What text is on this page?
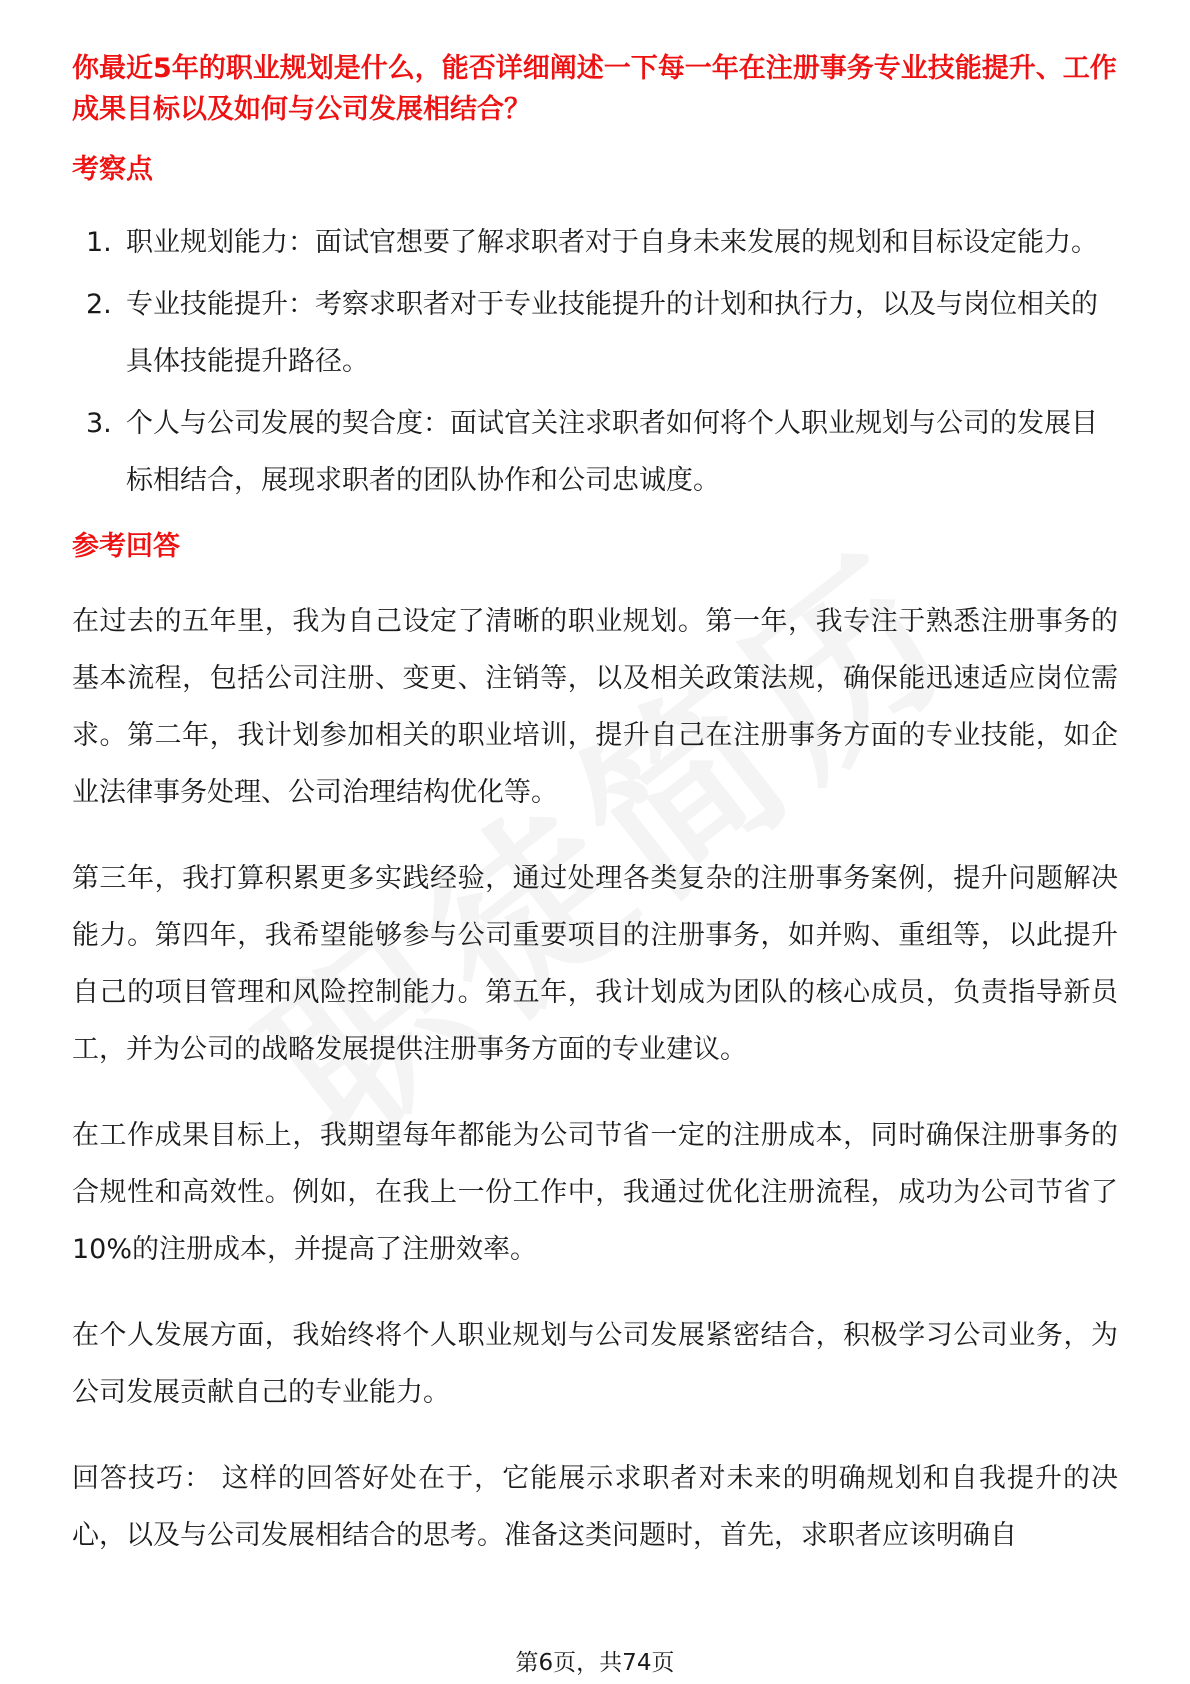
你最近5年的职业规划是什么，能否详细阐述一下每一年在注册事务专业技能提升、工作成果目标以及如何与公司发展相结合？

考察点

1. 职业规划能力：面试官想要了解求职者对于自身未来发展的规划和目标设定能力。
2. 专业技能提升：考察求职者对于专业技能提升的计划和执行力，以及与岗位相关的具体技能提升路径。
3. 个人与公司发展的契合度：面试官关注求职者如何将个人职业规划与公司的发展目标相结合，展现求职者的团队协作和公司忠诚度。

参考回答

在过去的五年里，我为自己设定了清晰的职业规划。第一年，我专注于熟悉注册事务的基本流程，包括公司注册、变更、注销等，以及相关政策法规，确保能迅速适应岗位需求。第二年，我计划参加相关的职业培训，提升自己在注册事务方面的专业技能，如企业法律事务处理、公司治理结构优化等。

第三年，我打算积累更多实践经验，通过处理各类复杂的注册事务案例，提升问题解决能力。第四年，我希望能够参与公司重要项目的注册事务，如并购、重组等，以此提升自己的项目管理和风险控制能力。第五年，我计划成为团队的核心成员，负责指导新员工，并为公司的战略发展提供注册事务方面的专业建议。

在工作成果目标上，我期望每年都能为公司节省一定的注册成本，同时确保注册事务的合规性和高效性。例如，在我上一份工作中，我通过优化注册流程，成功为公司节省了10%的注册成本，并提高了注册效率。

在个人发展方面，我始终将个人职业规划与公司发展紧密结合，积极学习公司业务，为公司发展贡献自己的专业能力。

回答技巧： 这样的回答好处在于，它能展示求职者对未来的明确规划和自我提升的决心，以及与公司发展相结合的思考。准备这类问题时，首先，求职者应该明确自

第6页，共74页
